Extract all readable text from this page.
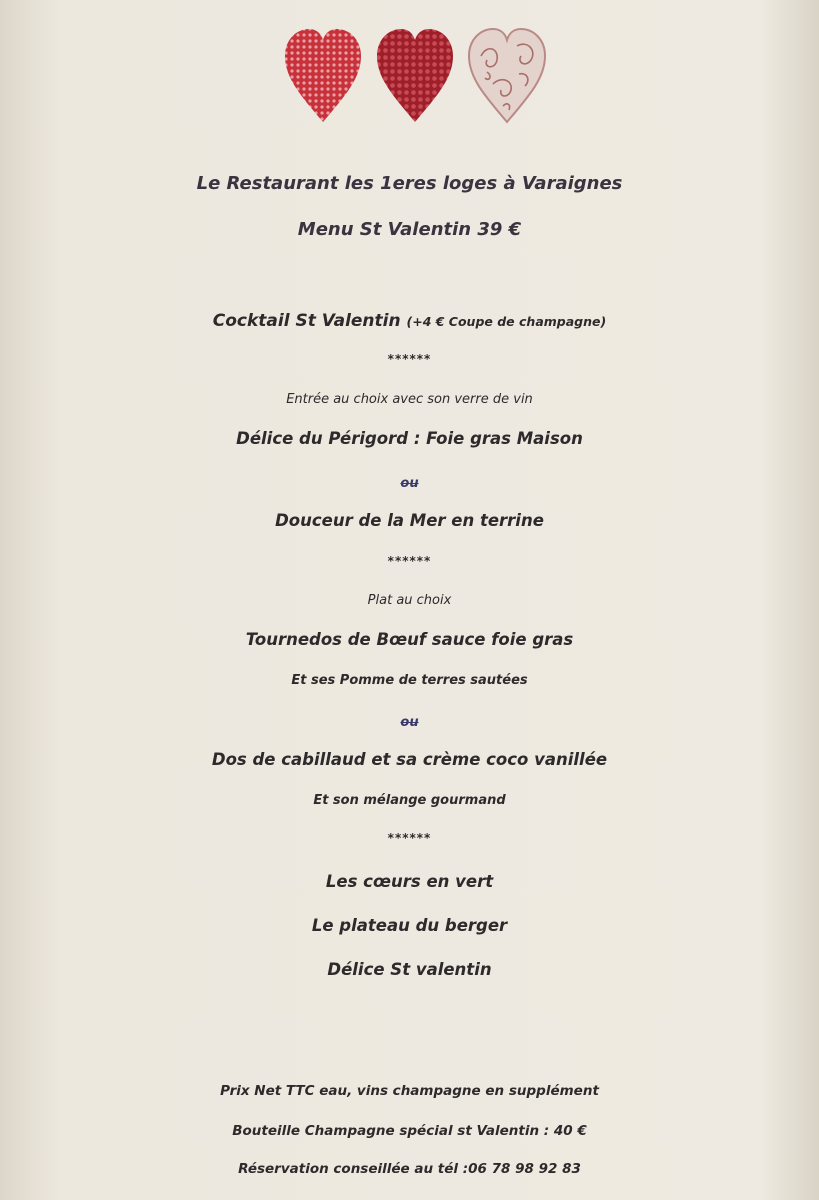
Le Restaurant les 1eres loges à Varaignes
Menu St Valentin 39 €
Cocktail St Valentin (+4 € Coupe de champagne)
******
Entrée au choix avec son verre de vin
Délice du Périgord : Foie gras Maison
ou
Douceur de la Mer en terrine
******
Plat au choix
Tournedos de Bœuf sauce foie gras
Et ses Pomme de terres sautées
ou
Dos de cabillaud et sa crème coco vanillée
Et son mélange gourmand
******
Les cœurs en vert
Le plateau du berger
Délice St valentin
Prix Net TTC eau, vins champagne en supplément
Bouteille Champagne spécial st Valentin : 40 €
Réservation conseillée au tél :06 78 98 92 83
